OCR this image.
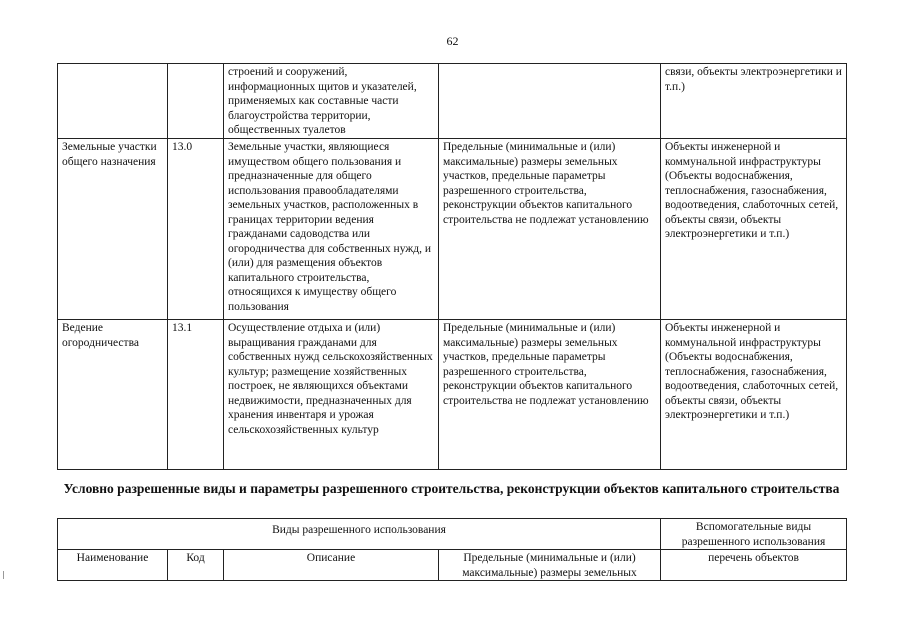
62
		строений и сооружений, информационных щитов и указателей, применяемых как составные части благоустройства территории, общественных туалетов		связи, объекты электроэнергетики и т.п.)
Земельные участки общего назначения	13.0	Земельные участки, являющиеся имуществом общего пользования и предназначенные для общего использования правообладателями земельных участков, расположенных в границах территории ведения гражданами садоводства или огородничества для собственных нужд, и (или) для размещения объектов капитального строительства, относящихся к имуществу общего пользования	Предельные (минимальные и (или) максимальные) размеры земельных участков, предельные параметры разрешенного строительства, реконструкции объектов капитального строительства не подлежат установлению	Объекты инженерной и коммунальной инфраструктуры (Объекты водоснабжения, теплоснабжения, газоснабжения, водоотведения, слаботочных сетей, объекты связи, объекты электроэнергетики и т.п.)
Ведение огородничества	13.1	Осуществление отдыха и (или) выращивания гражданами для собственных нужд сельскохозяйственных культур; размещение хозяйственных построек, не являющихся объектами недвижимости, предназначенных для хранения инвентаря и урожая сельскохозяйственных культур	Предельные (минимальные и (или) максимальные) размеры земельных участков, предельные параметры разрешенного строительства, реконструкции объектов капитального строительства не подлежат установлению	Объекты инженерной и коммунальной инфраструктуры (Объекты водоснабжения, теплоснабжения, газоснабжения, водоотведения, слаботочных сетей, объекты связи, объекты электроэнергетики и т.п.)
Условно разрешенные виды и параметры разрешенного строительства, реконструкции объектов капитального строительства
Виды разрешенного использования				Вспомогательные виды разрешенного использования
Наименование	Код	Описание	Предельные (минимальные и (или) максимальные) размеры земельных	перечень объектов
